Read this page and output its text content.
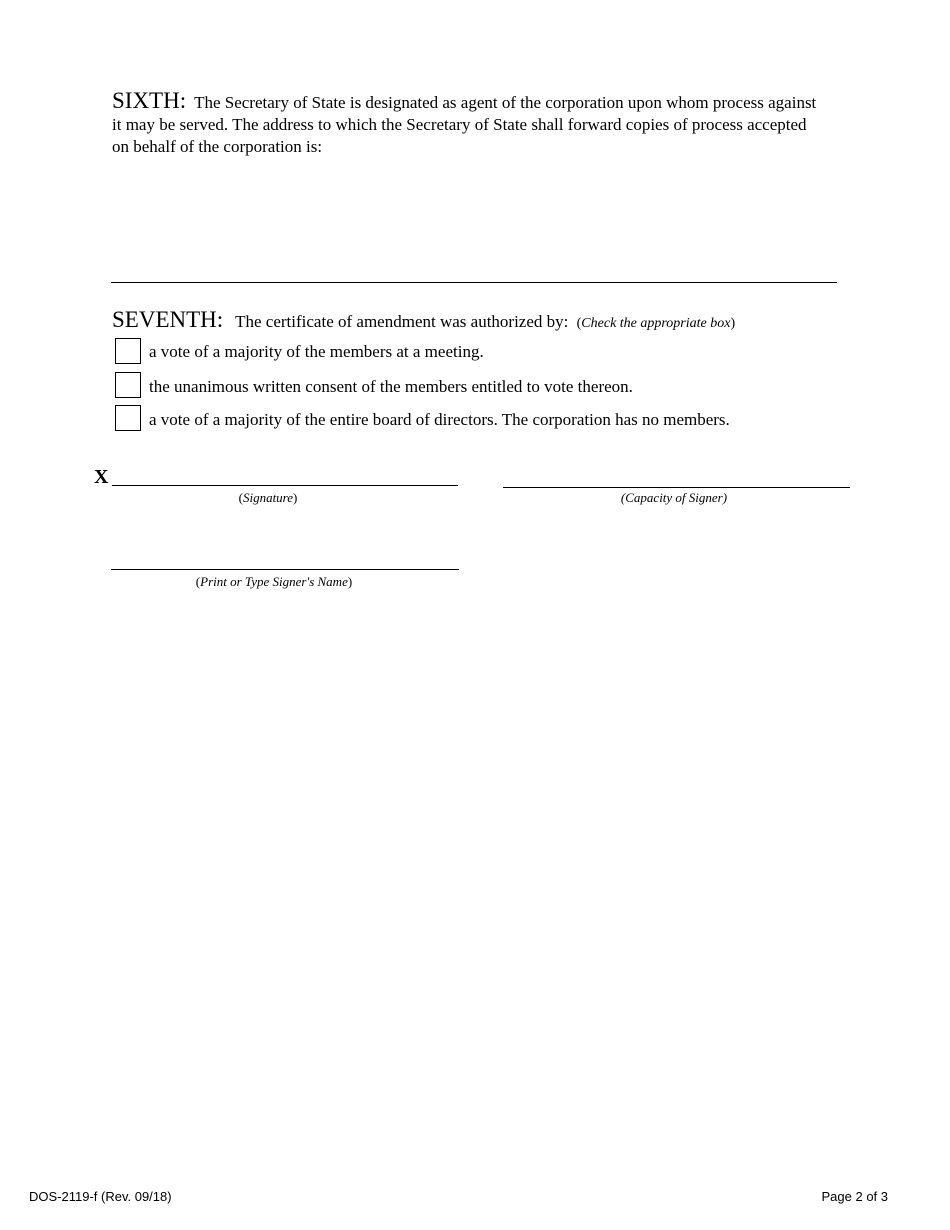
SIXTH: The Secretary of State is designated as agent of the corporation upon whom process against it may be served. The address to which the Secretary of State shall forward copies of process accepted on behalf of the corporation is:
SEVENTH: The certificate of amendment was authorized by: (Check the appropriate box)
a vote of a majority of the members at a meeting.
the unanimous written consent of the members entitled to vote thereon.
a vote of a majority of the entire board of directors. The corporation has no members.
X
(Signature)	(Capacity of Signer)
(Print or Type Signer's Name)
DOS-2119-f (Rev. 09/18)	Page 2 of 3
